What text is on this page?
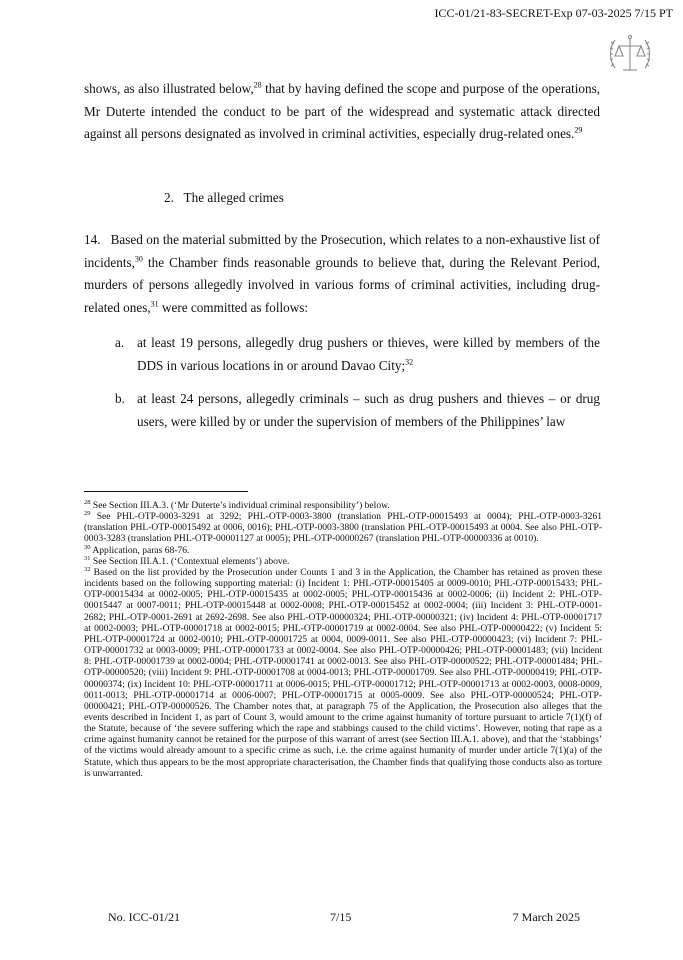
ICC-01/21-83-SECRET-Exp 07-03-2025 7/15 PT

shows, as also illustrated below,$^{28}$ that by having defined the scope and purpose of the operations, Mr Duterte intended the conduct to be part of the widespread and systematic attack directed against all persons designated as involved in criminal activities, especially drug-related ones.$^{29}$

2.   The alleged crimes

14. Based on the material submitted by the Prosecution, which relates to a non-exhaustive list of incidents,$^{30}$ the Chamber finds reasonable grounds to believe that, during the Relevant Period, murders of persons allegedly involved in various forms of criminal activities, including drug-related ones,$^{31}$ were committed as follows:

a. at least 19 persons, allegedly drug pushers or thieves, were killed by members of the DDS in various locations in or around Davao City;$^{32}$
b. at least 24 persons, allegedly criminals – such as drug pushers and thieves – or drug users, were killed by or under the supervision of members of the Philippines’ law

$^{28}$ See Section III.A.3. (‘Mr Duterte’s individual criminal responsibility’) below.

$^{29}$ See PHL-OTP-0003-3291 at 3292; PHL-OTP-0003-3800 (translation PHL-OTP-00015493 at 0004); PHL-OTP-0003-3261 (translation PHL-OTP-00015492 at 0006, 0016); PHL-OTP-0003-3800 (translation PHL-OTP-00015493 at 0004. See also PHL-OTP-0003-3283 (translation PHL-OTP-00001127 at 0005); PHL-OTP-00000267 (translation PHL-OTP-00000336 at 0010).

$^{30}$ Application, paras 68-76.

$^{31}$ See Section III.A.1. (‘Contextual elements’) above.

$^{32}$ Based on the list provided by the Prosecution under Counts 1 and 3 in the Application, the Chamber has retained as proven these incidents based on the following supporting material: (i) Incident 1: PHL-OTP-00015405 at 0009-0010; PHL-OTP-00015433; PHL-OTP-00015434 at 0002-0005; PHL-OTP-00015435 at 0002-0005; PHL-OTP-00015436 at 0002-0006; (ii) Incident 2: PHL-OTP-00015447 at 0007-0011; PHL-OTP-00015448 at 0002-0008; PHL-OTP-00015452 at 0002-0004; (iii) Incident 3: PHL-OTP-0001-2682; PHL-OTP-0001-2691 at 2692-2698. See also PHL-OTP-00000324; PHL-OTP-00000321; (iv) Incident 4: PHL-OTP-00001717 at 0002-0003; PHL-OTP-00001718 at 0002-0015; PHL-OTP-00001719 at 0002-0004. See also PHL-OTP-00000422; (v) Incident 5: PHL-OTP-00001724 at 0002-0010; PHL-OTP-00001725 at 0004, 0009-0011. See also PHL-OTP-00000423; (vi) Incident 7: PHL-OTP-00001732 at 0003-0009; PHL-OTP-00001733 at 0002-0004. See also PHL-OTP-00000426; PHL-OTP-00001483; (vii) Incident 8: PHL-OTP-00001739 at 0002-0004; PHL-OTP-00001741 at 0002-0013. See also PHL-OTP-00000522; PHL-OTP-00001484; PHL-OTP-00000520; (viii) Incident 9: PHL-OTP-00001708 at 0004-0013; PHL-OTP-00001709. See also PHL-OTP-00000419; PHL-OTP-00000374; (ix) Incident 10: PHL-OTP-00001711 at 0006-0015; PHL-OTP-00001712; PHL-OTP-00001713 at 0002-0003, 0008-0009, 0011-0013; PHL-OTP-00001714 at 0006-0007; PHL-OTP-00001715 at 0005-0009. See also PHL-OTP-00000524; PHL-OTP-00000421; PHL-OTP-00000526. The Chamber notes that, at paragraph 75 of the Application, the Prosecution also alleges that the events described in Incident 1, as part of Count 3, would amount to the crime against humanity of torture pursuant to article 7(1)(f) of the Statute, because of ‘the severe suffering which the rape and stabbings caused to the child victims’. However, noting that rape as a crime against humanity cannot be retained for the purpose of this warrant of arrest (see Section III.A.1. above), and that the ‘stabbings’ of the victims would already amount to a specific crime as such, i.e. the crime against humanity of murder under article 7(1)(a) of the Statute, which thus appears to be the most appropriate characterisation, the Chamber finds that qualifying those conducts also as torture is unwarranted.

No. ICC-01/21	7/15	7 March 2025
